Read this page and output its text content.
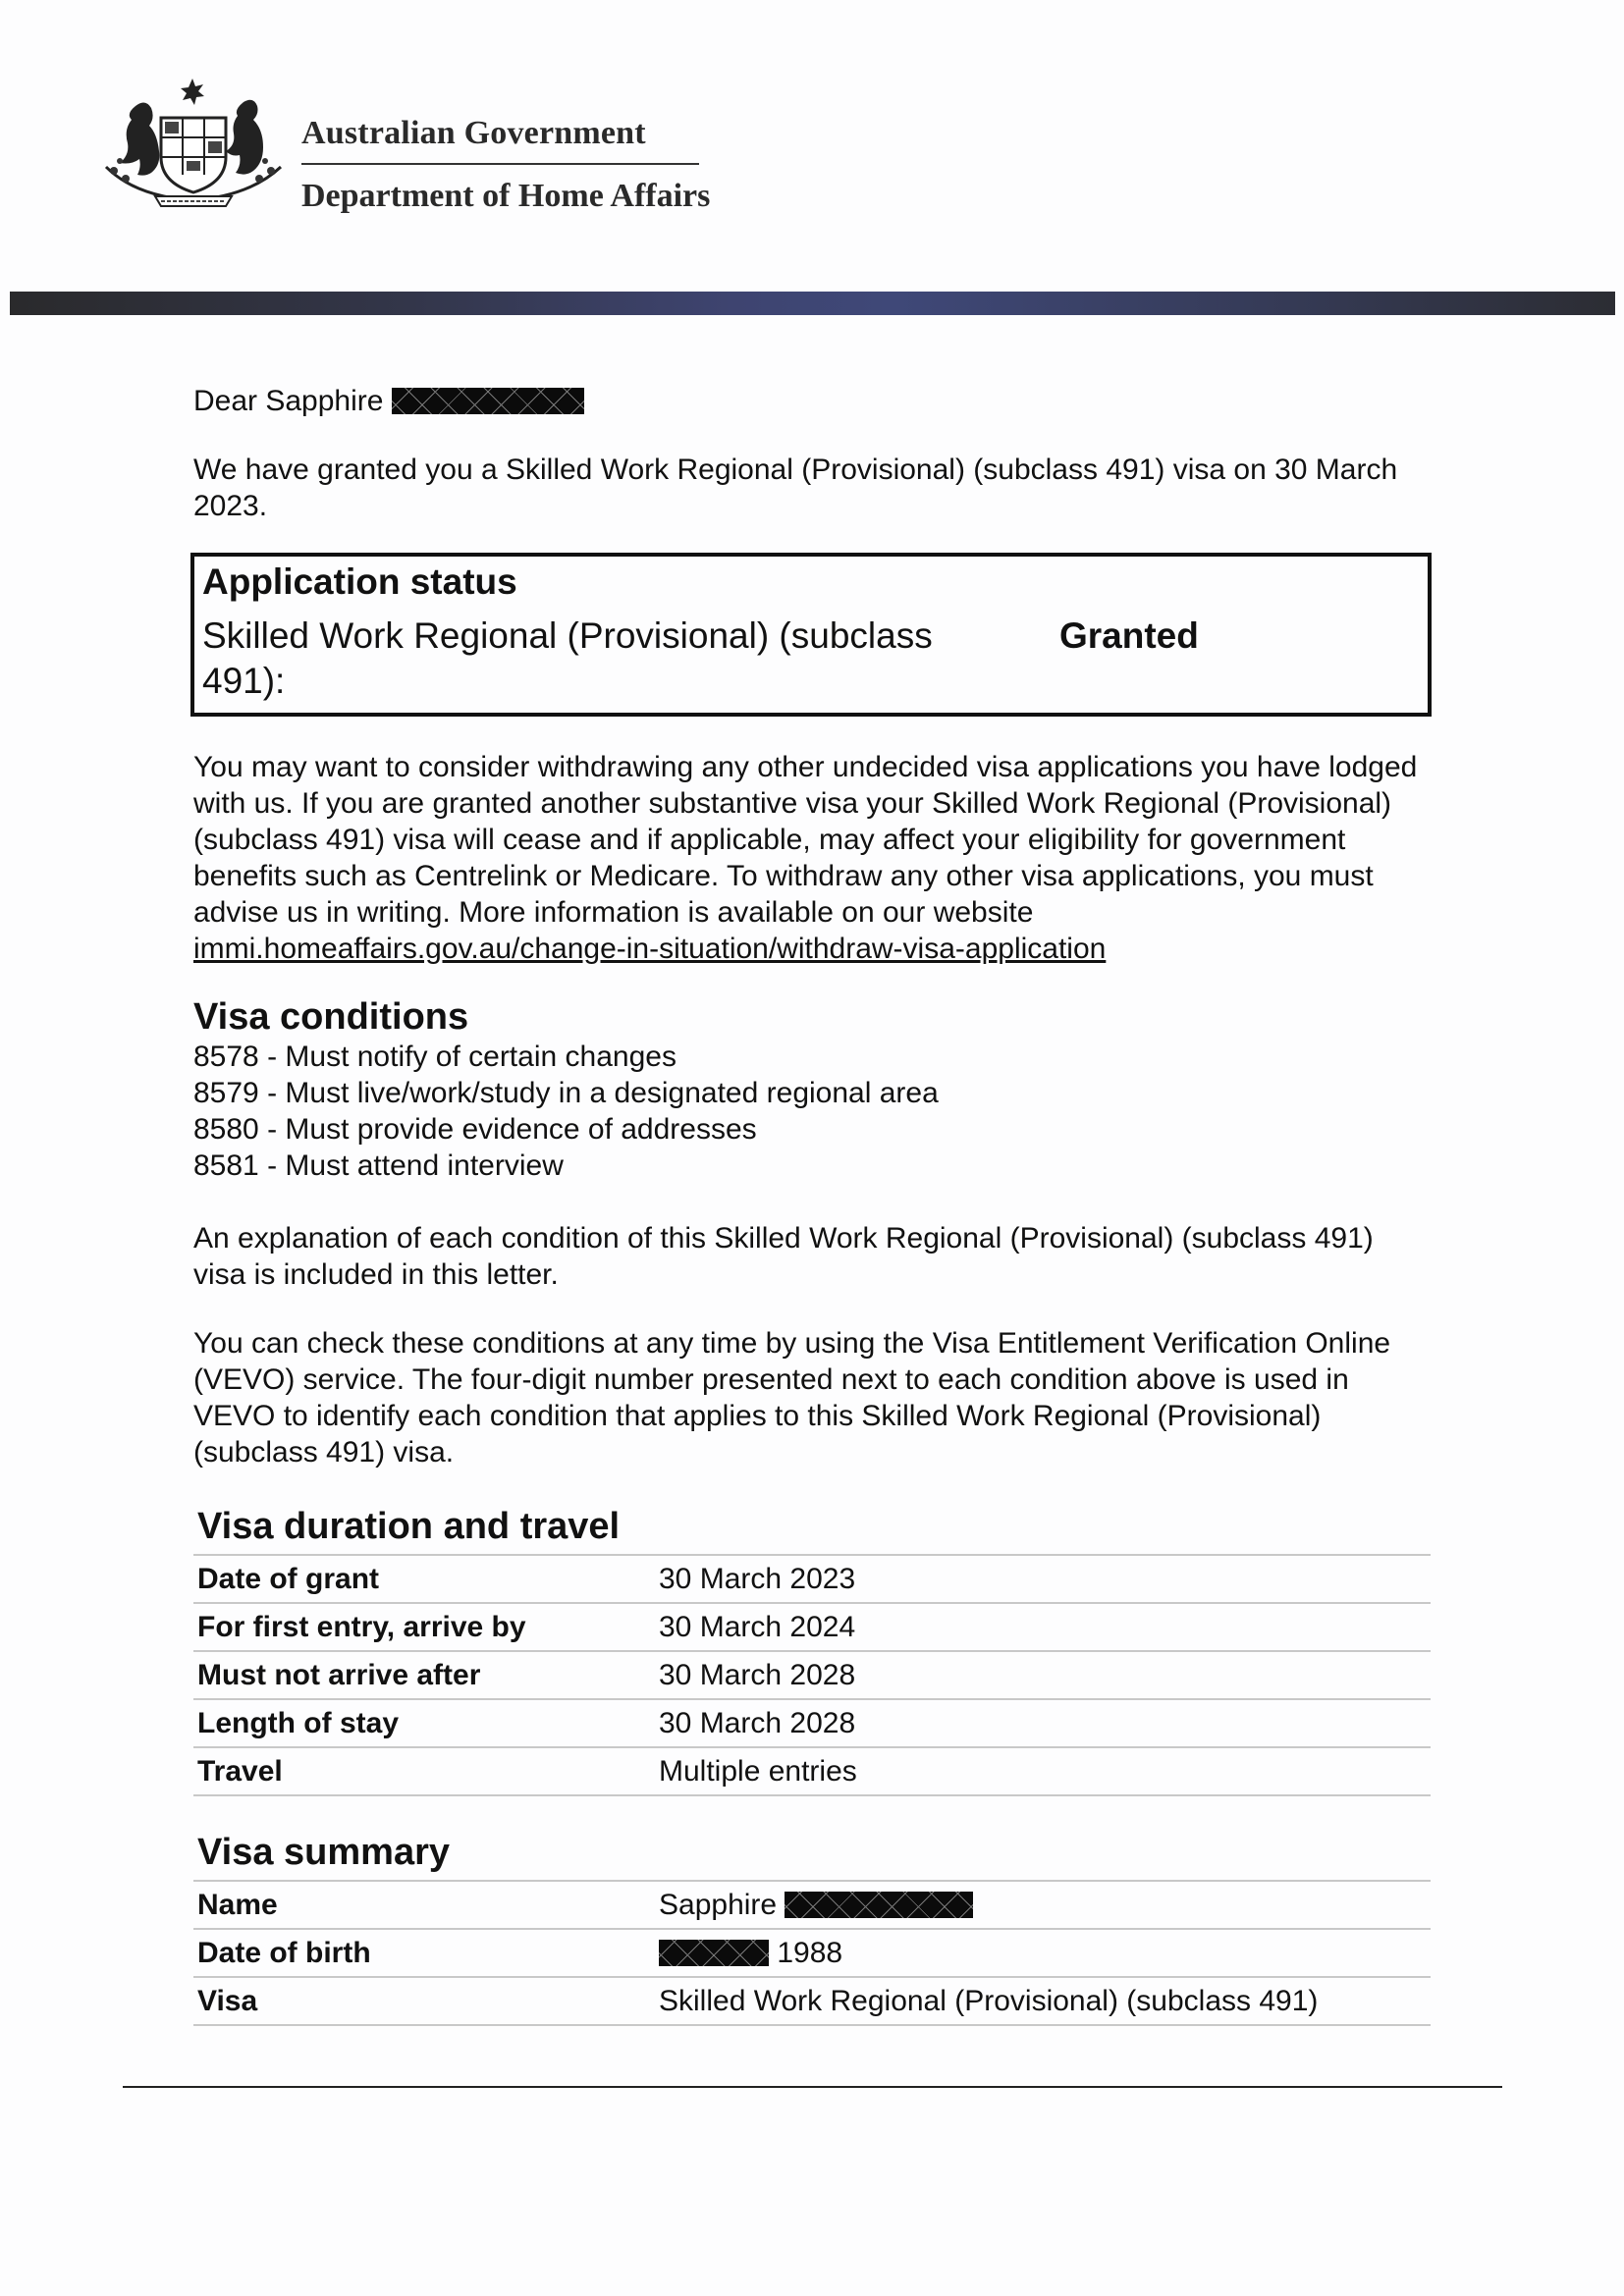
Australian Government
Department of Home Affairs

Dear Sapphire

We have granted you a Skilled Work Regional (Provisional) (subclass 491) visa on 30 March 2023.

Application status
Skilled Work Regional (Provisional) (subclass 491):
Granted

You may want to consider withdrawing any other undecided visa applications you have lodged with us. If you are granted another substantive visa your Skilled Work Regional (Provisional) (subclass 491) visa will cease and if applicable, may affect your eligibility for government benefits such as Centrelink or Medicare. To withdraw any other visa applications, you must advise us in writing. More information is available on our website immi.homeaffairs.gov.au/change-in-situation/withdraw-visa-application

Visa conditions

8578 - Must notify of certain changes

8579 - Must live/work/study in a designated regional area

8580 - Must provide evidence of addresses

8581 - Must attend interview

An explanation of each condition of this Skilled Work Regional (Provisional) (subclass 491) visa is included in this letter.

You can check these conditions at any time by using the Visa Entitlement Verification Online (VEVO) service. The four-digit number presented next to each condition above is used in VEVO to identify each condition that applies to this Skilled Work Regional (Provisional) (subclass 491) visa.

Visa duration and travel
Date of grant	30 March 2023
For first entry, arrive by	30 March 2024
Must not arrive after	30 March 2028
Length of stay	30 March 2028
Travel	Multiple entries
Visa summary
Name	Sapphire
Date of birth	1988
Visa	Skilled Work Regional (Provisional) (subclass 491)
